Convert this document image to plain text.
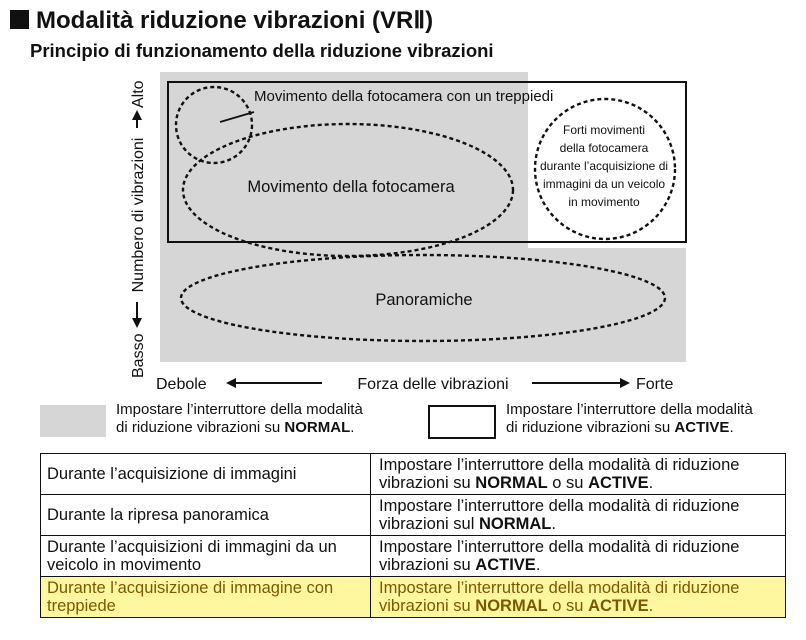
Modalità riduzione vibrazioni (VRⅡ)
Principio di funzionamento della riduzione vibrazioni
Movimento della fotocamera con un treppiedi
Movimento della fotocamera
Panoramiche
Forti movimenti
della fotocamera
durante l’acquisizione di
immagini da un veicolo
in movimento
Debole	Forza delle vibrazioni	Forte
Basso
Numbero di vibrazioni
Alto
Impostare l’interruttore della modalità
di riduzione vibrazioni su NORMAL.
Impostare l’interruttore della modalità
di riduzione vibrazioni su ACTIVE.
Durante l’acquisizione di immagini	Impostare l’interruttore della modalità di riduzione
vibrazioni su NORMAL o su ACTIVE.
Durante la ripresa panoramica	Impostare l’interruttore della modalità di riduzione
vibrazioni sul NORMAL.
Durante l’acquisizioni di immagini da un veicolo in movimento	Impostare l’interruttore della modalità di riduzione
vibrazioni su ACTIVE.
Durante l’acquisizione di immagine con treppiede	Impostare l’interruttore della modalità di riduzione
vibrazioni su NORMAL o su ACTIVE.
